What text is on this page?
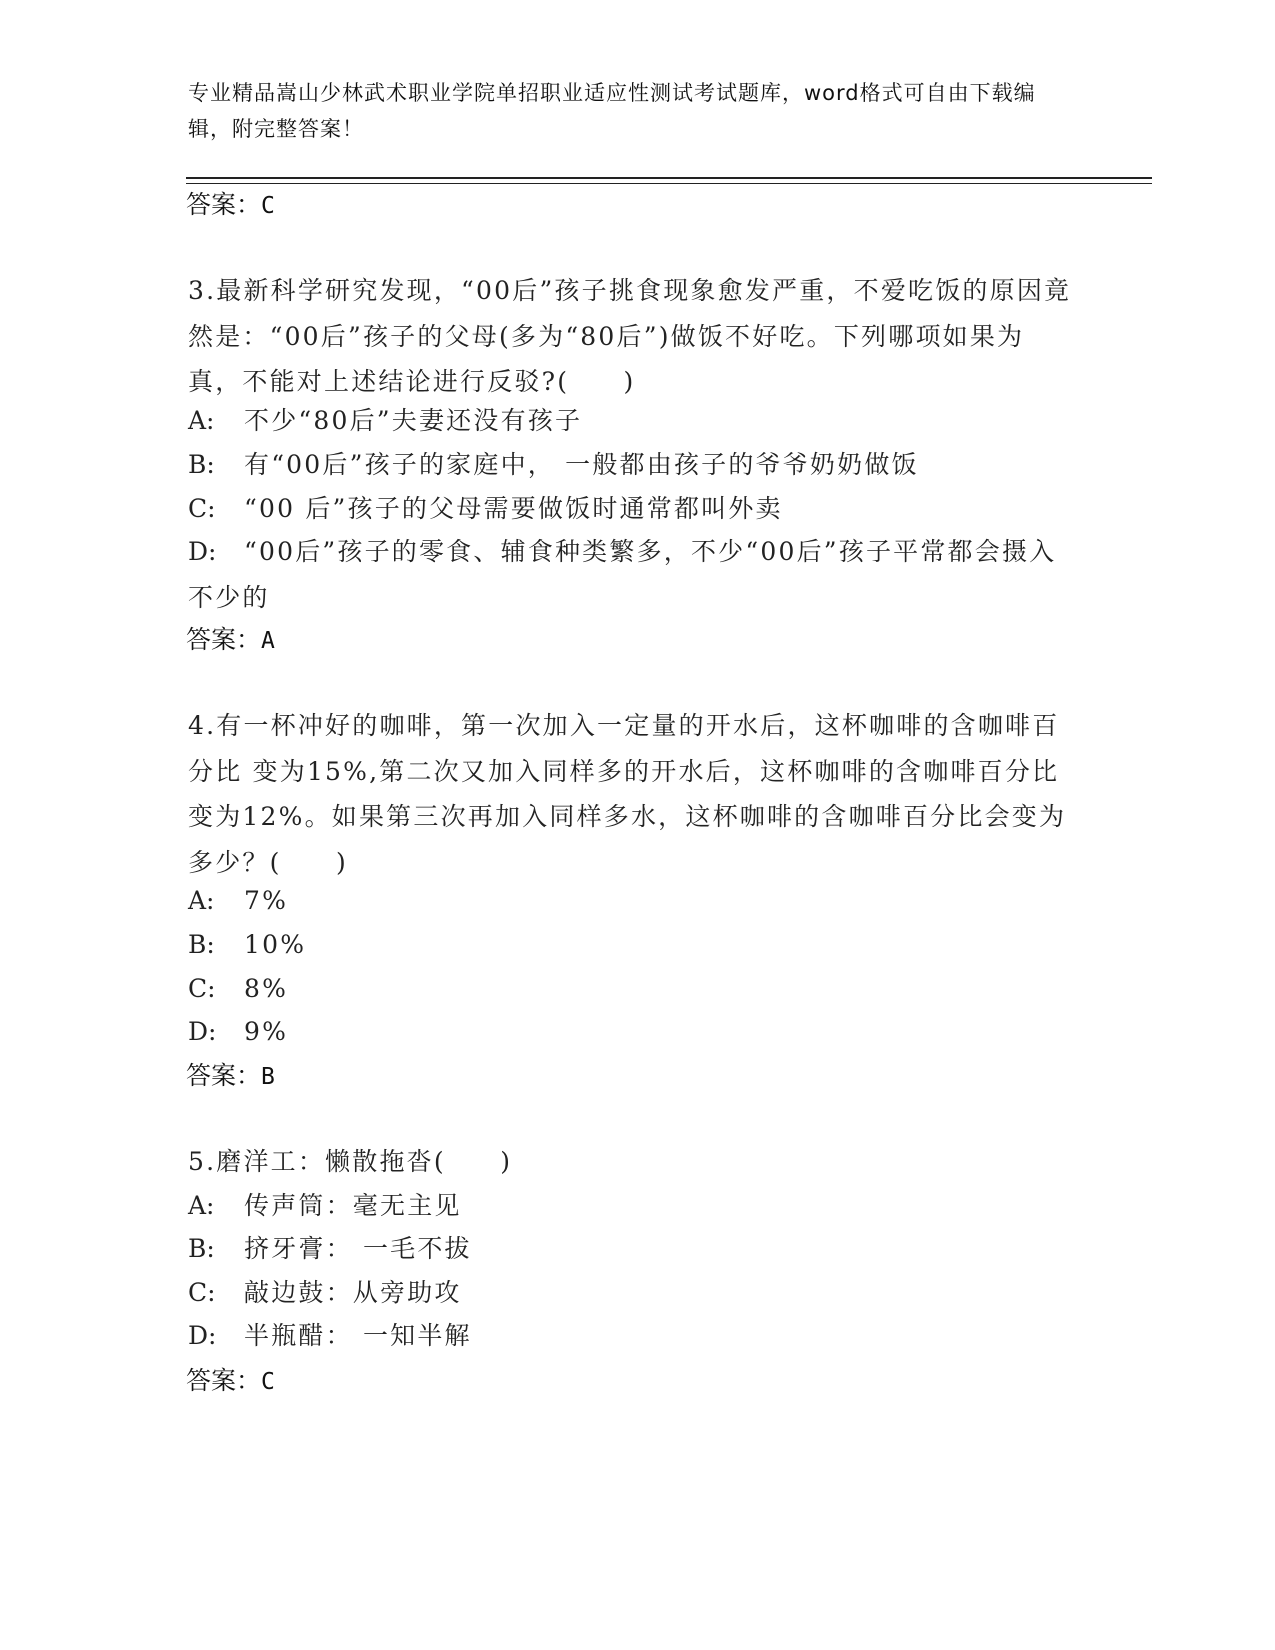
专业精品嵩山少林武术职业学院单招职业适应性测试考试题库，word格式可自由下载编辑，附完整答案！
答案：C
3.最新科学研究发现，“00后”孩子挑食现象愈发严重，不爱吃饭的原因竟然是：“00后”孩子的父母(多为“80后”)做饭不好吃。下列哪项如果为真，不能对上述结论进行反驳?(　　)
A: 不少“80后”夫妻还没有孩子
B: 有“00后”孩子的家庭中， 一般都由孩子的爷爷奶奶做饭
C: “00 后”孩子的父母需要做饭时通常都叫外卖
D: “00后”孩子的零食、辅食种类繁多，不少“00后”孩子平常都会摄入不少的
答案：A
4.有一杯冲好的咖啡，第一次加入一定量的开水后，这杯咖啡的含咖啡百分比 变为15%,第二次又加入同样多的开水后，这杯咖啡的含咖啡百分比变为12%。如果第三次再加入同样多水，这杯咖啡的含咖啡百分比会变为多少？(　　)
A: 7%
B: 10%
C: 8%
D: 9%
答案：B
5.磨洋工：懒散拖沓(　　)
A: 传声筒：毫无主见
B: 挤牙膏： 一毛不拔
C: 敲边鼓：从旁助攻
D: 半瓶醋： 一知半解
答案：C
